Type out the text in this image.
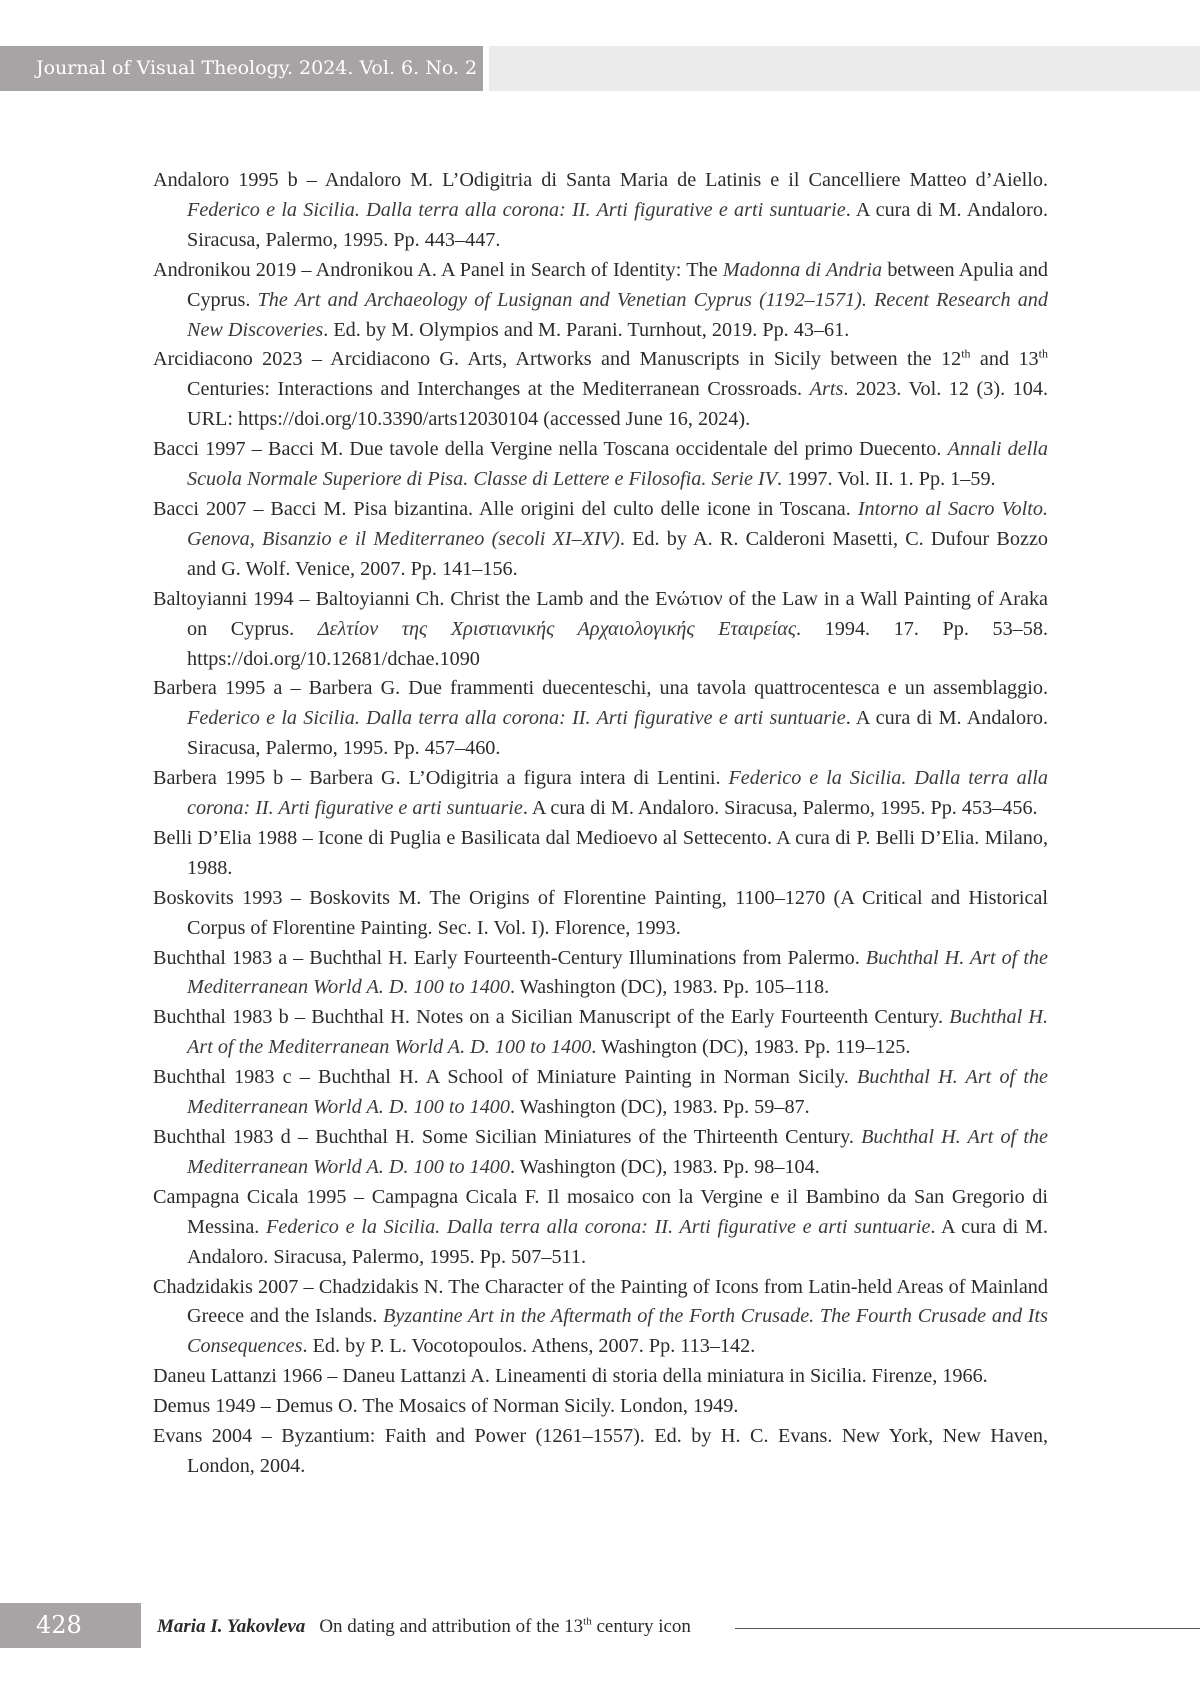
Journal of Visual Theology. 2024. Vol. 6. No. 2

Andaloro 1995 b – Andaloro M. L’Odigitria di Santa Maria de Latinis e il Cancelliere Matteo d’Aiello. Federico e la Sicilia. Dalla terra alla corona: II. Arti figurative e arti suntuarie. A cura di M. Andaloro. Siracusa, Palermo, 1995. Pp. 443–447.

Andronikou 2019 – Andronikou A. A Panel in Search of Identity: The Madonna di Andria between Apulia and Cyprus. The Art and Archaeology of Lusignan and Venetian Cyprus (1192–1571). Recent Research and New Discoveries. Ed. by M. Olympios and M. Parani. Turnhout, 2019. Pp. 43–61.

Arcidiacono 2023 – Arcidiacono G. Arts, Artworks and Manuscripts in Sicily between the 12th and 13th Centuries: Interactions and Interchanges at the Mediterranean Crossroads. Arts. 2023. Vol. 12 (3). 104. URL: https://doi.org/10.3390/arts12030104 (accessed June 16, 2024).

Bacci 1997 – Bacci M. Due tavole della Vergine nella Toscana occidentale del primo Duecento. Annali della Scuola Normale Superiore di Pisa. Classe di Lettere e Filosofia. Serie IV. 1997. Vol. II. 1. Pp. 1–59.

Bacci 2007 – Bacci M. Pisa bizantina. Alle origini del culto delle icone in Toscana. Intorno al Sacro Volto. Genova, Bisanzio e il Mediterraneo (secoli XI–XIV). Ed. by A. R. Calderoni Masetti, C. Dufour Bozzo and G. Wolf. Venice, 2007. Pp. 141–156.

Baltoyianni 1994 – Baltoyianni Ch. Christ the Lamb and the Ενώτιον of the Law in a Wall Painting of Araka on Cyprus. Δελτίον της Χριστιανικής Αρχαιολογικής Εταιρείας. 1994. 17. Pp. 53–58. https://doi.org/10.12681/dchae.1090

Barbera 1995 a – Barbera G. Due frammenti duecenteschi, una tavola quattrocentesca e un assemblaggio. Federico e la Sicilia. Dalla terra alla corona: II. Arti figurative e arti suntuarie. A cura di M. Andaloro. Siracusa, Palermo, 1995. Pp. 457–460.

Barbera 1995 b – Barbera G. L’Odigitria a figura intera di Lentini. Federico e la Sicilia. Dalla terra alla corona: II. Arti figurative e arti suntuarie. A cura di M. Andaloro. Siracusa, Palermo, 1995. Pp. 453–456.

Belli D’Elia 1988 – Icone di Puglia e Basilicata dal Medioevo al Settecento. A cura di P. Belli D’Elia. Milano, 1988.

Boskovits 1993 – Boskovits M. The Origins of Florentine Painting, 1100–1270 (A Critical and Historical Corpus of Florentine Painting. Sec. I. Vol. I). Florence, 1993.

Buchthal 1983 a – Buchthal H. Early Fourteenth-Century Illuminations from Palermo. Buchthal H. Art of the Mediterranean World A. D. 100 to 1400. Washington (DC), 1983. Pp. 105–118.

Buchthal 1983 b – Buchthal H. Notes on a Sicilian Manuscript of the Early Fourteenth Century. Buchthal H. Art of the Mediterranean World A. D. 100 to 1400. Washington (DC), 1983. Pp. 119–125.

Buchthal 1983 c – Buchthal H. A School of Miniature Painting in Norman Sicily. Buchthal H. Art of the Mediterranean World A. D. 100 to 1400. Washington (DC), 1983. Pp. 59–87.

Buchthal 1983 d – Buchthal H. Some Sicilian Miniatures of the Thirteenth Century. Buchthal H. Art of the Mediterranean World A. D. 100 to 1400. Washington (DC), 1983. Pp. 98–104.

Campagna Cicala 1995 – Campagna Cicala F. Il mosaico con la Vergine e il Bambino da San Gregorio di Messina. Federico e la Sicilia. Dalla terra alla corona: II. Arti figurative e arti suntuarie. A cura di M. Andaloro. Siracusa, Palermo, 1995. Pp. 507–511.

Chadzidakis 2007 – Chadzidakis N. The Character of the Painting of Icons from Latin-held Areas of Mainland Greece and the Islands. Byzantine Art in the Aftermath of the Forth Crusade. The Fourth Crusade and Its Consequences. Ed. by P. L. Vocotopoulos. Athens, 2007. Pp. 113–142.

Daneu Lattanzi 1966 – Daneu Lattanzi A. Lineamenti di storia della miniatura in Sicilia. Firenze, 1966.

Demus 1949 – Demus O. The Mosaics of Norman Sicily. London, 1949.

Evans 2004 – Byzantium: Faith and Power (1261–1557). Ed. by H. C. Evans. New York, New Haven, London, 2004.

428	Maria I. Yakovleva On dating and attribution of the 13th century icon
